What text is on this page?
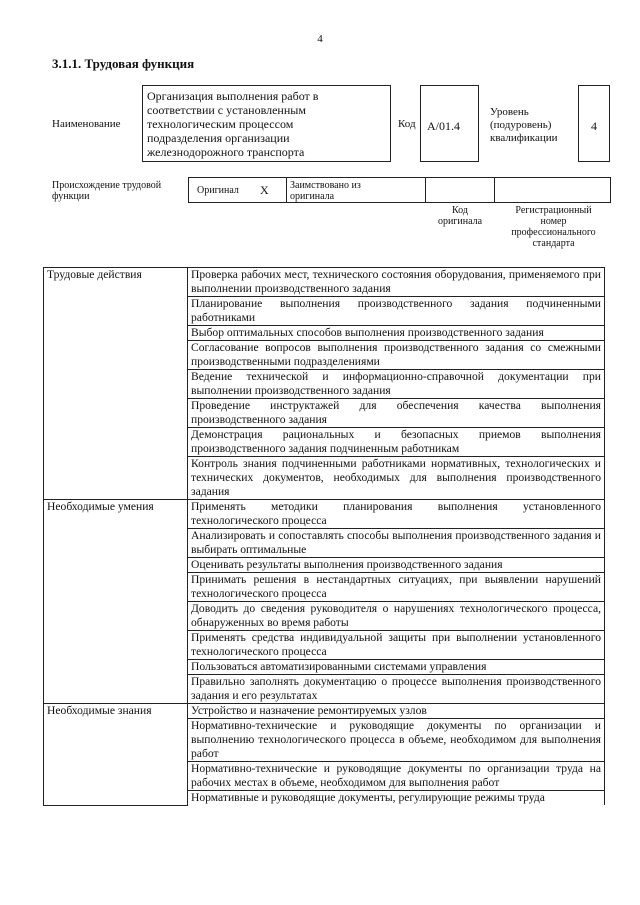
4
3.1.1. Трудовая функция
Наименование
Организация выполнения работ в
соответствии с установленным
технологическим процессом
подразделения организации
железнодорожного транспорта
Код A/01.4
Уровень
(подуровень)
квалификации
4
Происхождение трудовой
функции
Оригинал X Заимствовано из
оригинала
Код
оригинала
Регистрационный
номер
профессионального
стандарта
Трудовые действия	Проверка рабочих мест, технического состояния оборудования, применяемого при выполнении производственного задания
	Планирование выполнения производственного задания подчиненными работниками
	Выбор оптимальных способов выполнения производственного задания
	Согласование вопросов выполнения производственного задания со смежными производственными подразделениями
	Ведение технической и информационно-справочной документации при выполнении производственного задания
	Проведение инструктажей для обеспечения качества выполнения производственного задания
	Демонстрация рациональных и безопасных приемов выполнения производственного задания подчиненным работникам
	Контроль знания подчиненными работниками нормативных, технологических и технических документов, необходимых для выполнения производственного задания
Необходимые умения	Применять методики планирования выполнения установленного технологического процесса
	Анализировать и сопоставлять способы выполнения производственного задания и выбирать оптимальные
	Оценивать результаты выполнения производственного задания
	Принимать решения в нестандартных ситуациях, при выявлении нарушений технологического процесса
	Доводить до сведения руководителя о нарушениях технологического процесса, обнаруженных во время работы
	Применять средства индивидуальной защиты при выполнении установленного технологического процесса
	Пользоваться автоматизированными системами управления
	Правильно заполнять документацию о процессе выполнения производственного задания и его результатах
Необходимые знания	Устройство и назначение ремонтируемых узлов
	Нормативно-технические и руководящие документы по организации и выполнению технологического процесса в объеме, необходимом для выполнения работ
	Нормативно-технические и руководящие документы по организации труда на рабочих местах в объеме, необходимом для выполнения работ
	Нормативные и руководящие документы, регулирующие режимы труда
